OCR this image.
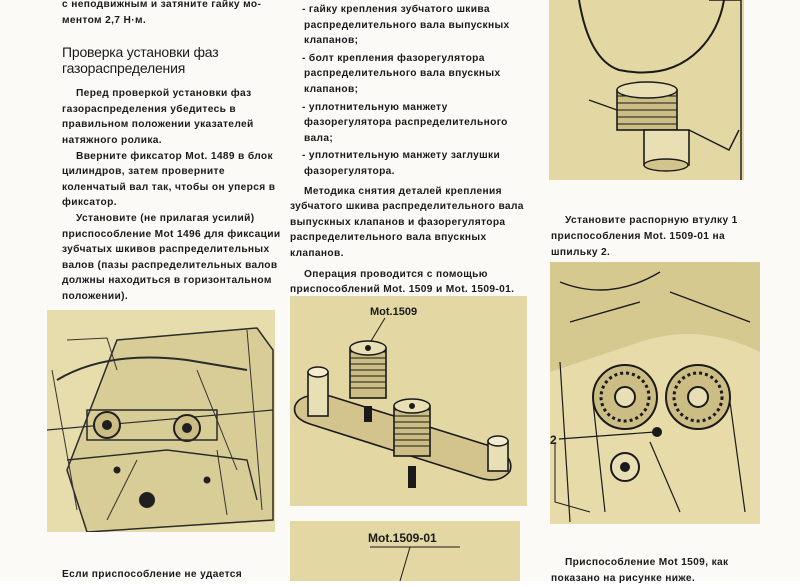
с неподвижным и затяните гайку мо-
ментом 2,7 Н·м.

Проверка установки фаз газораспределения

Перед проверкой установки фаз газораспределения убедитесь в правильном положении указателей натяжного ролика.

Вверните фиксатор Mot. 1489 в блок цилиндров, затем проверните коленчатый вал так, чтобы он уперся в фиксатор.

Установите (не прилагая усилий) приспособление Mot 1496 для фиксации зубчатых шкивов распределительных валов (пазы распределительных валов должны находиться в горизонтальном положении).

Если приспособление не удается

- гайку крепления зубчатого шкива распределительного вала выпускных клапанов;

- болт крепления фазорегулятора распределительного вала впускных клапанов;

- уплотнительную манжету фазорегулятора распределительного вала;

- уплотнительную манжету заглушки фазорегулятора.

Методика снятия деталей крепления зубчатого шкива распределительного вала выпускных клапанов и фазорегулятора распределительного вала впускных клапанов.

Операция проводится с помощью приспособлений Mot. 1509 и Mot. 1509-01.

Mot.1509
Mot.1509-01

Установите распорную втулку 1 приспособления Mot. 1509-01 на шпильку 2.

2

Приспособление Mot 1509, как показано на рисунке ниже.
